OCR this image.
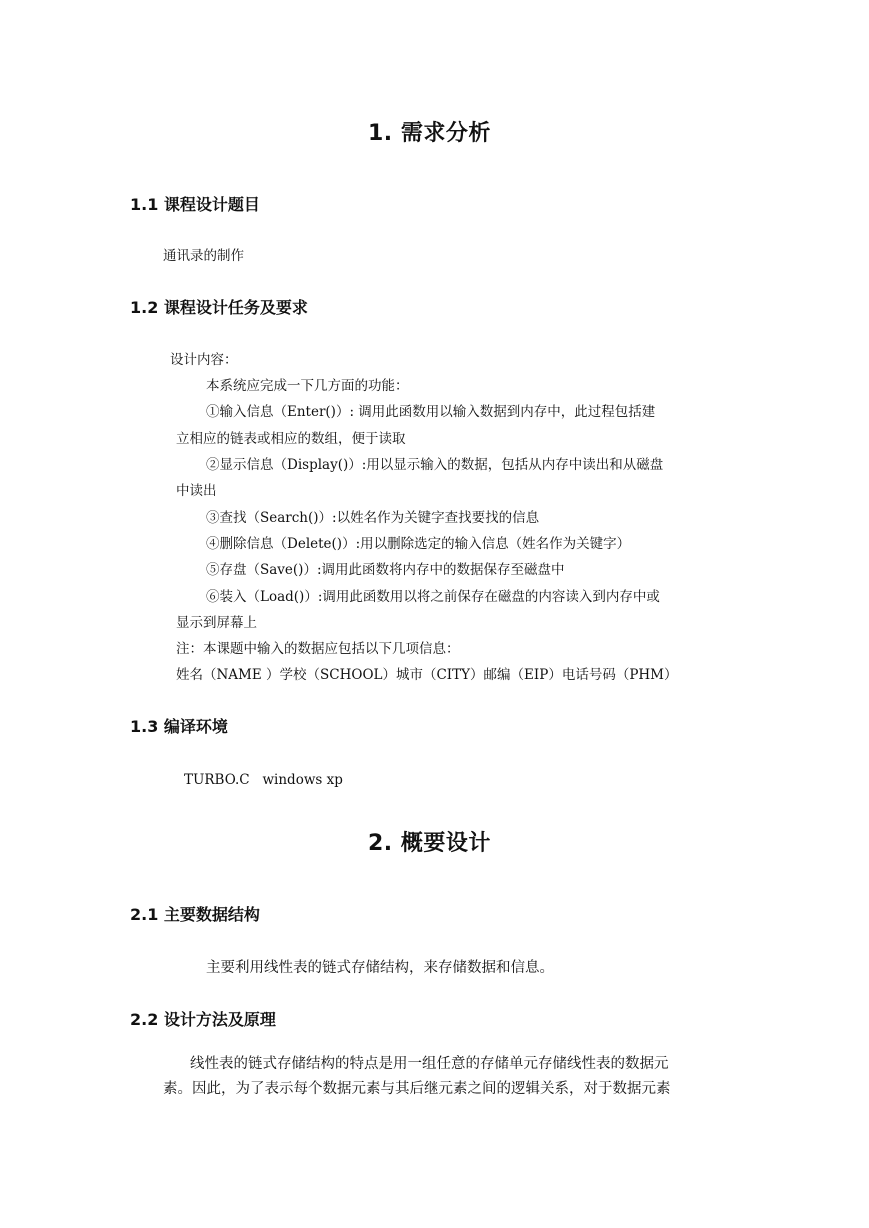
1. 需求分析
1.1 课程设计题目
通讯录的制作
1.2 课程设计任务及要求
设计内容：
本系统应完成一下几方面的功能：
①输入信息（Enter()）: 调用此函数用以输入数据到内存中，此过程包括建
立相应的链表或相应的数组，便于读取
②显示信息（Display()）:用以显示输入的数据，包括从内存中读出和从磁盘
中读出
③查找（Search()）:以姓名作为关键字查找要找的信息
④删除信息（Delete()）:用以删除选定的输入信息（姓名作为关键字）
⑤存盘（Save()）:调用此函数将内存中的数据保存至磁盘中
⑥装入（Load()）:调用此函数用以将之前保存在磁盘的内容读入到内存中或
显示到屏幕上
注：本课题中输入的数据应包括以下几项信息：
姓名（NAME ）学校（SCHOOL）城市（CITY）邮编（EIP）电话号码（PHM）
1.3 编译环境
TURBO.C   windows xp
2. 概要设计
2.1 主要数据结构
主要利用线性表的链式存储结构，来存储数据和信息。
2.2 设计方法及原理
线性表的链式存储结构的特点是用一组任意的存储单元存储线性表的数据元
素。因此，为了表示每个数据元素与其后继元素之间的逻辑关系，对于数据元素
